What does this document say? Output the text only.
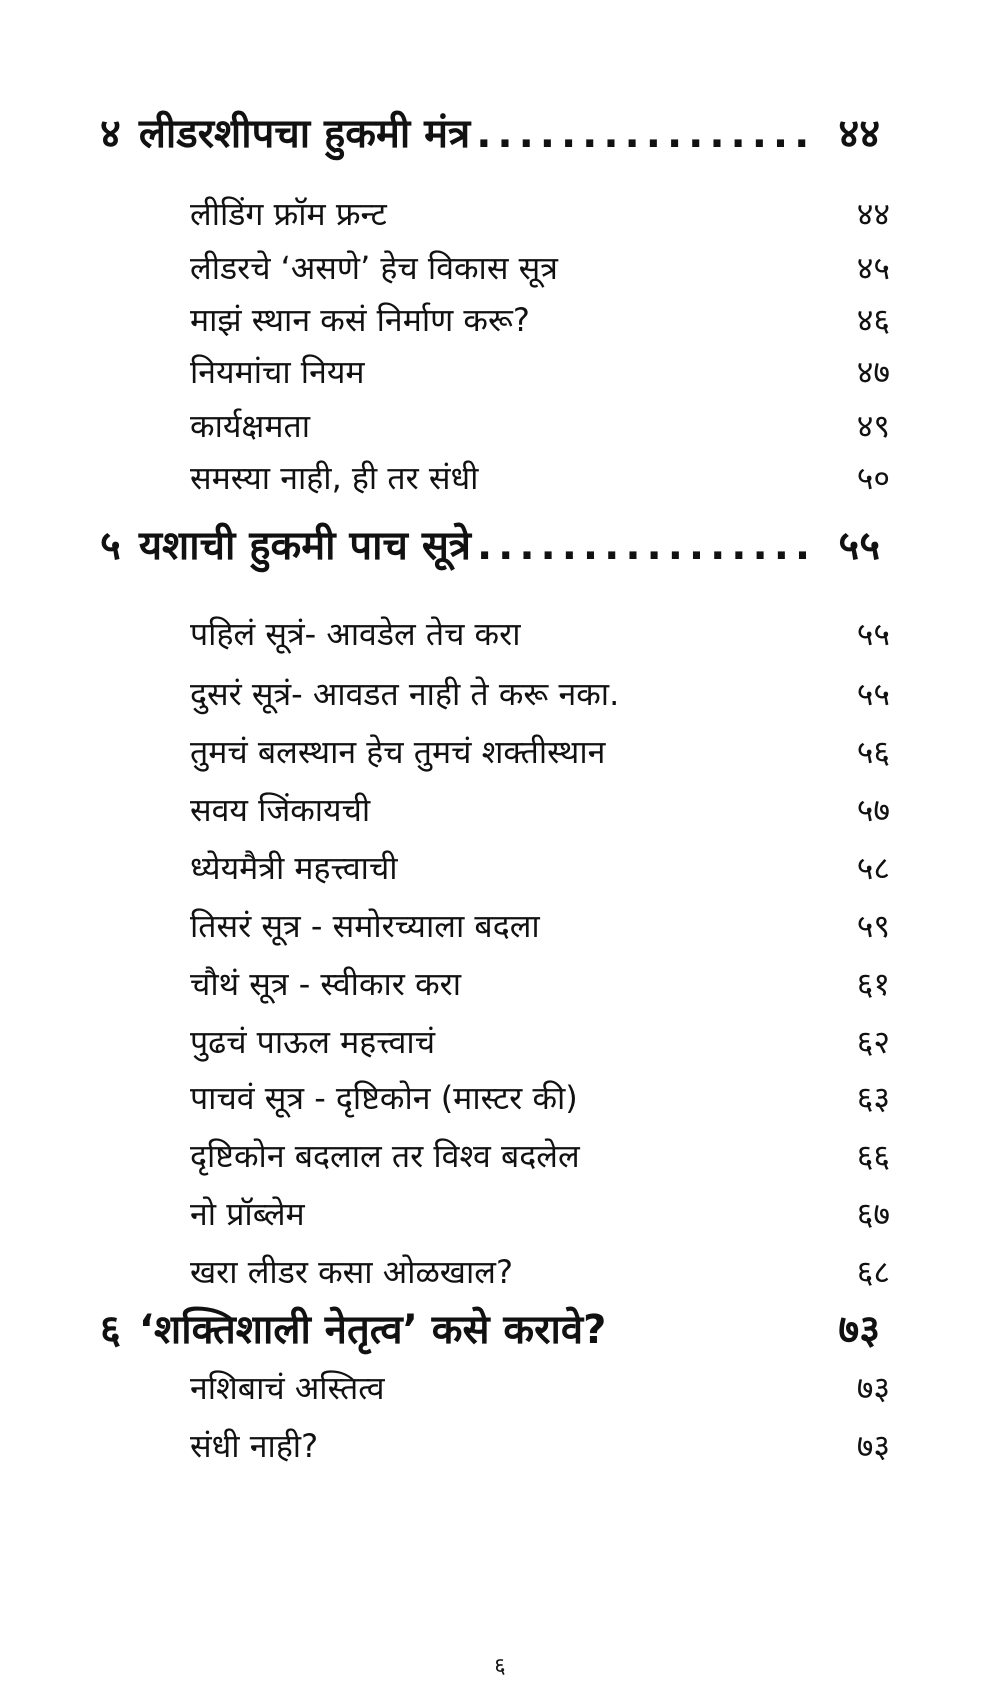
४ लीडरशीपचा हुकमी मंत्र ................ ४४
लीडिंग फ्रॉम फ्रन्ट	४४
लीडरचे ‘असणे’ हेच विकास सूत्र	४५
माझं स्थान कसं निर्माण करू?	४६
नियमांचा नियम	४७
कार्यक्षमता	४९
समस्या नाही, ही तर संधी	५०
५ यशाची हुकमी पाच सूत्रे ................ ५५
पहिलं सूत्रं- आवडेल तेच करा	५५
दुसरं सूत्रं- आवडत नाही ते करू नका.	५५
तुमचं बलस्थान हेच तुमचं शक्तीस्थान	५६
सवय जिंकायची	५७
ध्येयमैत्री महत्त्वाची	५८
तिसरं सूत्र - समोरच्याला बदला	५९
चौथं सूत्र - स्वीकार करा	६१
पुढचं पाऊल महत्त्वाचं	६२
पाचवं सूत्र - दृष्टिकोन (मास्टर की)	६३
दृष्टिकोन बदलाल तर विश्व बदलेल	६६
नो प्रॉब्लेम	६७
खरा लीडर कसा ओळखाल?	६८
६ ‘शक्तिशाली नेतृत्व’ कसे करावे?	७३
नशिबाचं अस्तित्व	७३
संधी नाही?	७३
६
